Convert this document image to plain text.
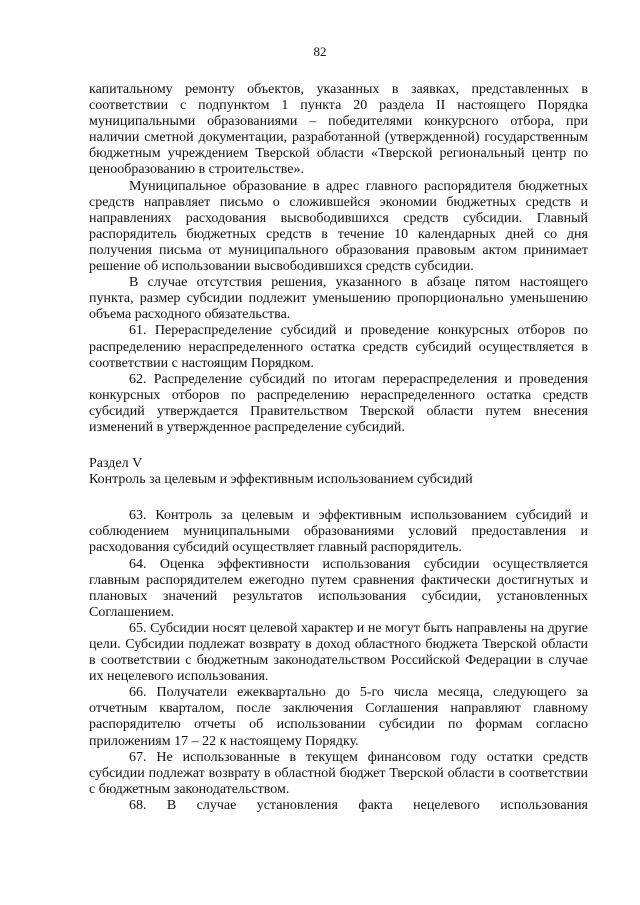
82

капитальному ремонту объектов, указанных в заявках, представленных в соответствии с подпунктом 1 пункта 20 раздела II настоящего Порядка муниципальными образованиями – победителями конкурсного отбора, при наличии сметной документации, разработанной (утвержденной) государственным бюджетным учреждением Тверской области «Тверской региональный центр по ценообразованию в строительстве».

Муниципальное образование в адрес главного распорядителя бюджетных средств направляет письмо о сложившейся экономии бюджетных средств и направлениях расходования высвободившихся средств субсидии. Главный распорядитель бюджетных средств в течение 10 календарных дней со дня получения письма от муниципального образования правовым актом принимает решение об использовании высвободившихся средств субсидии.

В случае отсутствия решения, указанного в абзаце пятом настоящего пункта, размер субсидии подлежит уменьшению пропорционально уменьшению объема расходного обязательства.

61. Перераспределение субсидий и проведение конкурсных отборов по распределению нераспределенного остатка средств субсидий осуществляется в соответствии с настоящим Порядком.

62. Распределение субсидий по итогам перераспределения и проведения конкурсных отборов по распределению нераспределенного остатка средств субсидий утверждается Правительством Тверской области путем внесения изменений в утвержденное распределение субсидий.

Раздел V

Контроль за целевым и эффективным использованием субсидий

63. Контроль за целевым и эффективным использованием субсидий и соблюдением муниципальными образованиями условий предоставления и расходования субсидий осуществляет главный распорядитель.

64. Оценка эффективности использования субсидии осуществляется главным распорядителем ежегодно путем сравнения фактически достигнутых и плановых значений результатов использования субсидии, установленных Соглашением.

65. Субсидии носят целевой характер и не могут быть направлены на другие цели. Субсидии подлежат возврату в доход областного бюджета Тверской области в соответствии с бюджетным законодательством Российской Федерации в случае их нецелевого использования.

66. Получатели ежеквартально до 5-го числа месяца, следующего за отчетным кварталом, после заключения Соглашения направляют главному распорядителю отчеты об использовании субсидии по формам согласно приложениям 17 – 22 к настоящему Порядку.

67. Не использованные в текущем финансовом году остатки средств субсидии подлежат возврату в областной бюджет Тверской области в соответствии с бюджетным законодательством.

68. В случае установления факта нецелевого использования
